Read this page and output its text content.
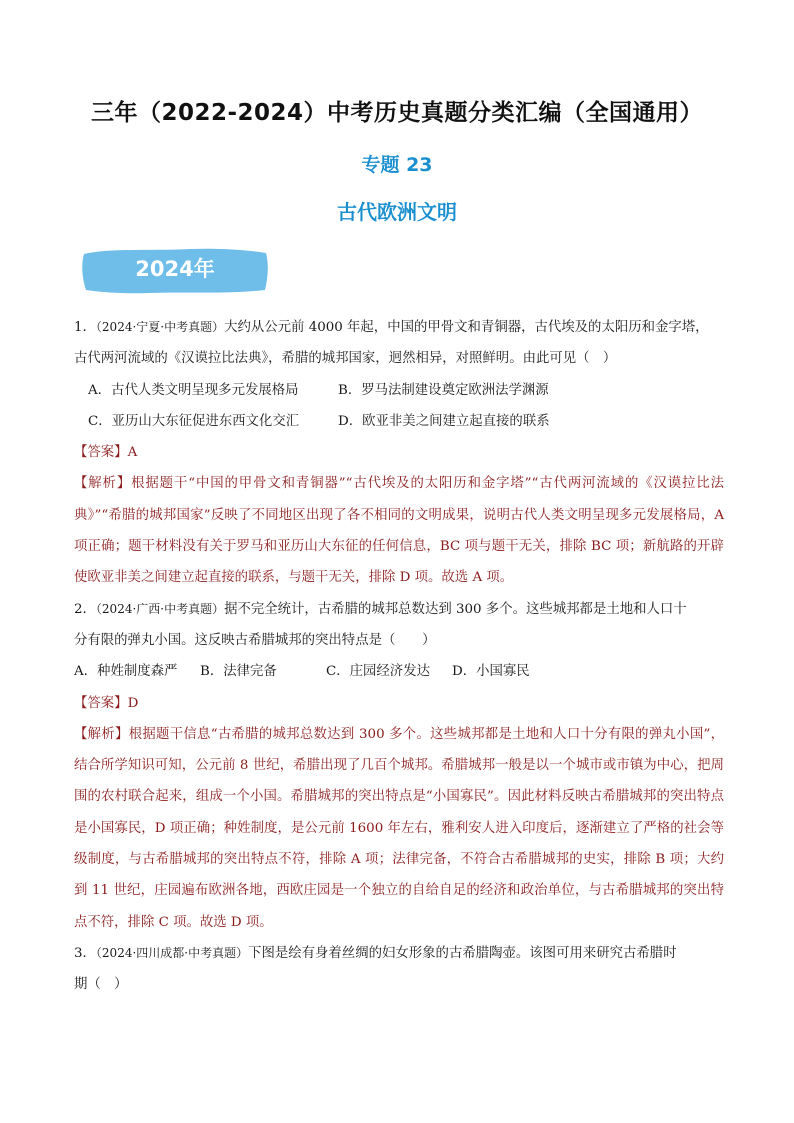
三年（2022-2024）中考历史真题分类汇编（全国通用）
专题 23
古代欧洲文明
2024年

1．（2024·宁夏·中考真题）大约从公元前 4000 年起，中国的甲骨文和青铜器，古代埃及的太阳历和金字塔，

古代两河流域的《汉谟拉比法典》，希腊的城邦国家，迥然相异，对照鲜明。由此可见（　）

A．古代人类文明呈现多元发展格局	B．罗马法制建设奠定欧洲法学渊源
C．亚历山大东征促进东西文化交汇	D．欧亚非美之间建立起直接的联系

【答案】A

【解析】根据题干“中国的甲骨文和青铜器”“古代埃及的太阳历和金字塔”“古代两河流域的《汉谟拉比法典》”“希腊的城邦国家”反映了不同地区出现了各不相同的文明成果，说明古代人类文明呈现多元发展格局，A 项正确；题干材料没有关于罗马和亚历山大东征的任何信息，BC 项与题干无关，排除 BC 项；新航路的开辟使欧亚非美之间建立起直接的联系，与题干无关，排除 D 项。故选 A 项。

2．（2024·广西·中考真题）据不完全统计，古希腊的城邦总数达到 300 多个。这些城邦都是土地和人口十

分有限的弹丸小国。这反映古希腊城邦的突出特点是（　　）

A．种姓制度森严	B．法律完备	C．庄园经济发达	D．小国寡民

【答案】D

【解析】根据题干信息“古希腊的城邦总数达到 300 多个。这些城邦都是土地和人口十分有限的弹丸小国”，结合所学知识可知，公元前 8 世纪，希腊出现了几百个城邦。希腊城邦一般是以一个城市或市镇为中心，把周围的农村联合起来，组成一个小国。希腊城邦的突出特点是“小国寡民”。因此材料反映古希腊城邦的突出特点是小国寡民，D 项正确；种姓制度，是公元前 1600 年左右，雅利安人进入印度后，逐渐建立了严格的社会等级制度，与古希腊城邦的突出特点不符，排除 A 项；法律完备，不符合古希腊城邦的史实，排除 B 项；大约到 11 世纪，庄园遍布欧洲各地，西欧庄园是一个独立的自给自足的经济和政治单位，与古希腊城邦的突出特点不符，排除 C 项。故选 D 项。

3．（2024·四川成都·中考真题）下图是绘有身着丝绸的妇女形象的古希腊陶壶。该图可用来研究古希腊时

期（　）
